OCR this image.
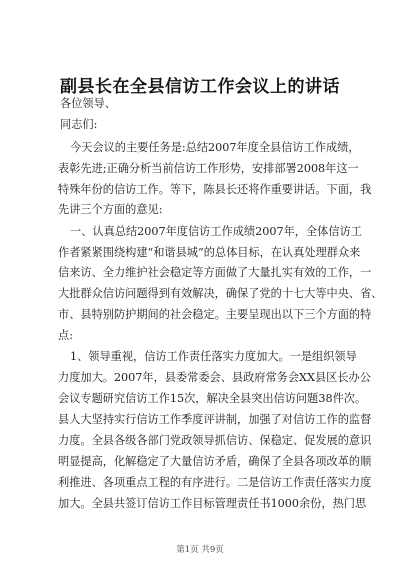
副县长在全县信访工作会议上的讲话
各位领导、
同志们:
今天会议的主要任务是:总结2007年度全县信访工作成绩，
表彰先进;正确分析当前信访工作形势，安排部署2008年这一
特殊年份的信访工作。等下，陈县长还将作重要讲话。下面，我
先讲三个方面的意见:
一、认真总结2007年度信访工作成绩2007年，全体信访工
作者紧紧围绕构建“和谐县城”的总体目标，在认真处理群众来
信来访、全力维护社会稳定等方面做了大量扎实有效的工作，一
大批群众信访问题得到有效解决，确保了党的十七大等中央、省、
市、县特别防护期间的社会稳定。主要呈现出以下三个方面的特
点:
1、领导重视，信访工作责任落实力度加大。一是组织领导
力度加大。2007年，县委常委会、县政府常务会XX县区长办公
会议专题研究信访工作15次，解决全县突出信访问题38件次。
县人大坚持实行信访工作季度评讲制，加强了对信访工作的监督
力度。全县各级各部门党政领导抓信访、保稳定、促发展的意识
明显提高，化解稳定了大量信访矛盾，确保了全县各项改革的顺
利推进、各项重点工程的有序进行。二是信访工作责任落实力度
加大。全县共签订信访工作目标管理责任书1000余份，热门思
第1页 共9页
